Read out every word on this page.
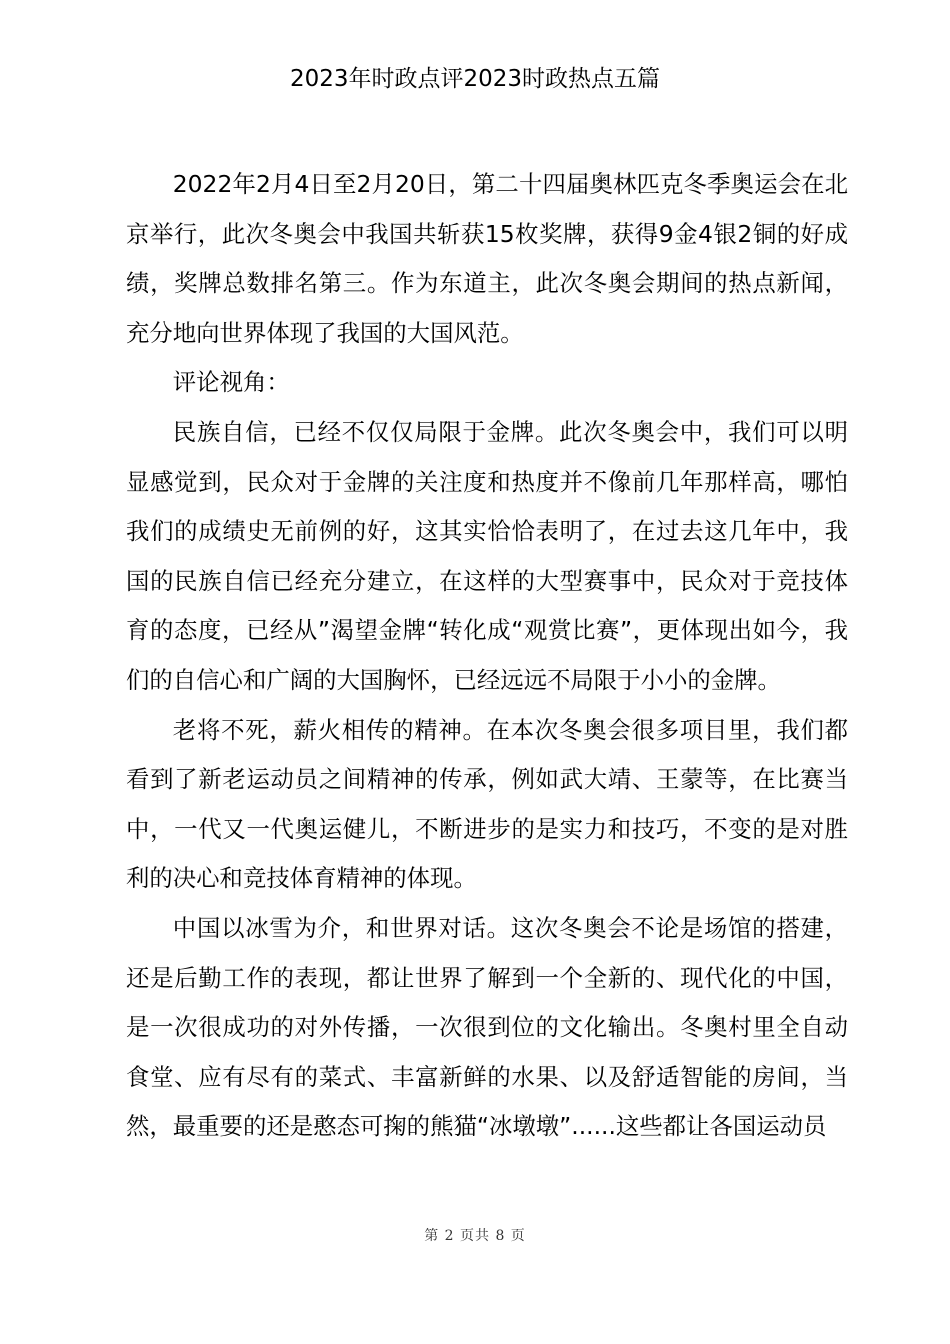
2023年时政点评2023时政热点五篇

2022年2月4日至2月20日，第二十四届奥林匹克冬季奥运会在北京举行，此次冬奥会中我国共斩获15枚奖牌，获得9金4银2铜的好成绩，奖牌总数排名第三。作为东道主，此次冬奥会期间的热点新闻，充分地向世界体现了我国的大国风范。

评论视角：

民族自信，已经不仅仅局限于金牌。此次冬奥会中，我们可以明显感觉到，民众对于金牌的关注度和热度并不像前几年那样高，哪怕我们的成绩史无前例的好，这其实恰恰表明了，在过去这几年中，我国的民族自信已经充分建立，在这样的大型赛事中，民众对于竞技体育的态度，已经从”渴望金牌“转化成“观赏比赛”，更体现出如今，我们的自信心和广阔的大国胸怀，已经远远不局限于小小的金牌。

老将不死，薪火相传的精神。在本次冬奥会很多项目里，我们都看到了新老运动员之间精神的传承，例如武大靖、王蒙等，在比赛当中，一代又一代奥运健儿，不断进步的是实力和技巧，不变的是对胜利的决心和竞技体育精神的体现。

中国以冰雪为介，和世界对话。这次冬奥会不论是场馆的搭建，还是后勤工作的表现，都让世界了解到一个全新的、现代化的中国，是一次很成功的对外传播，一次很到位的文化输出。冬奥村里全自动食堂、应有尽有的菜式、丰富新鲜的水果、以及舒适智能的房间，当然，最重要的还是憨态可掬的熊猫“冰墩墩”......这些都让各国运动员

第 2 页共 8 页
